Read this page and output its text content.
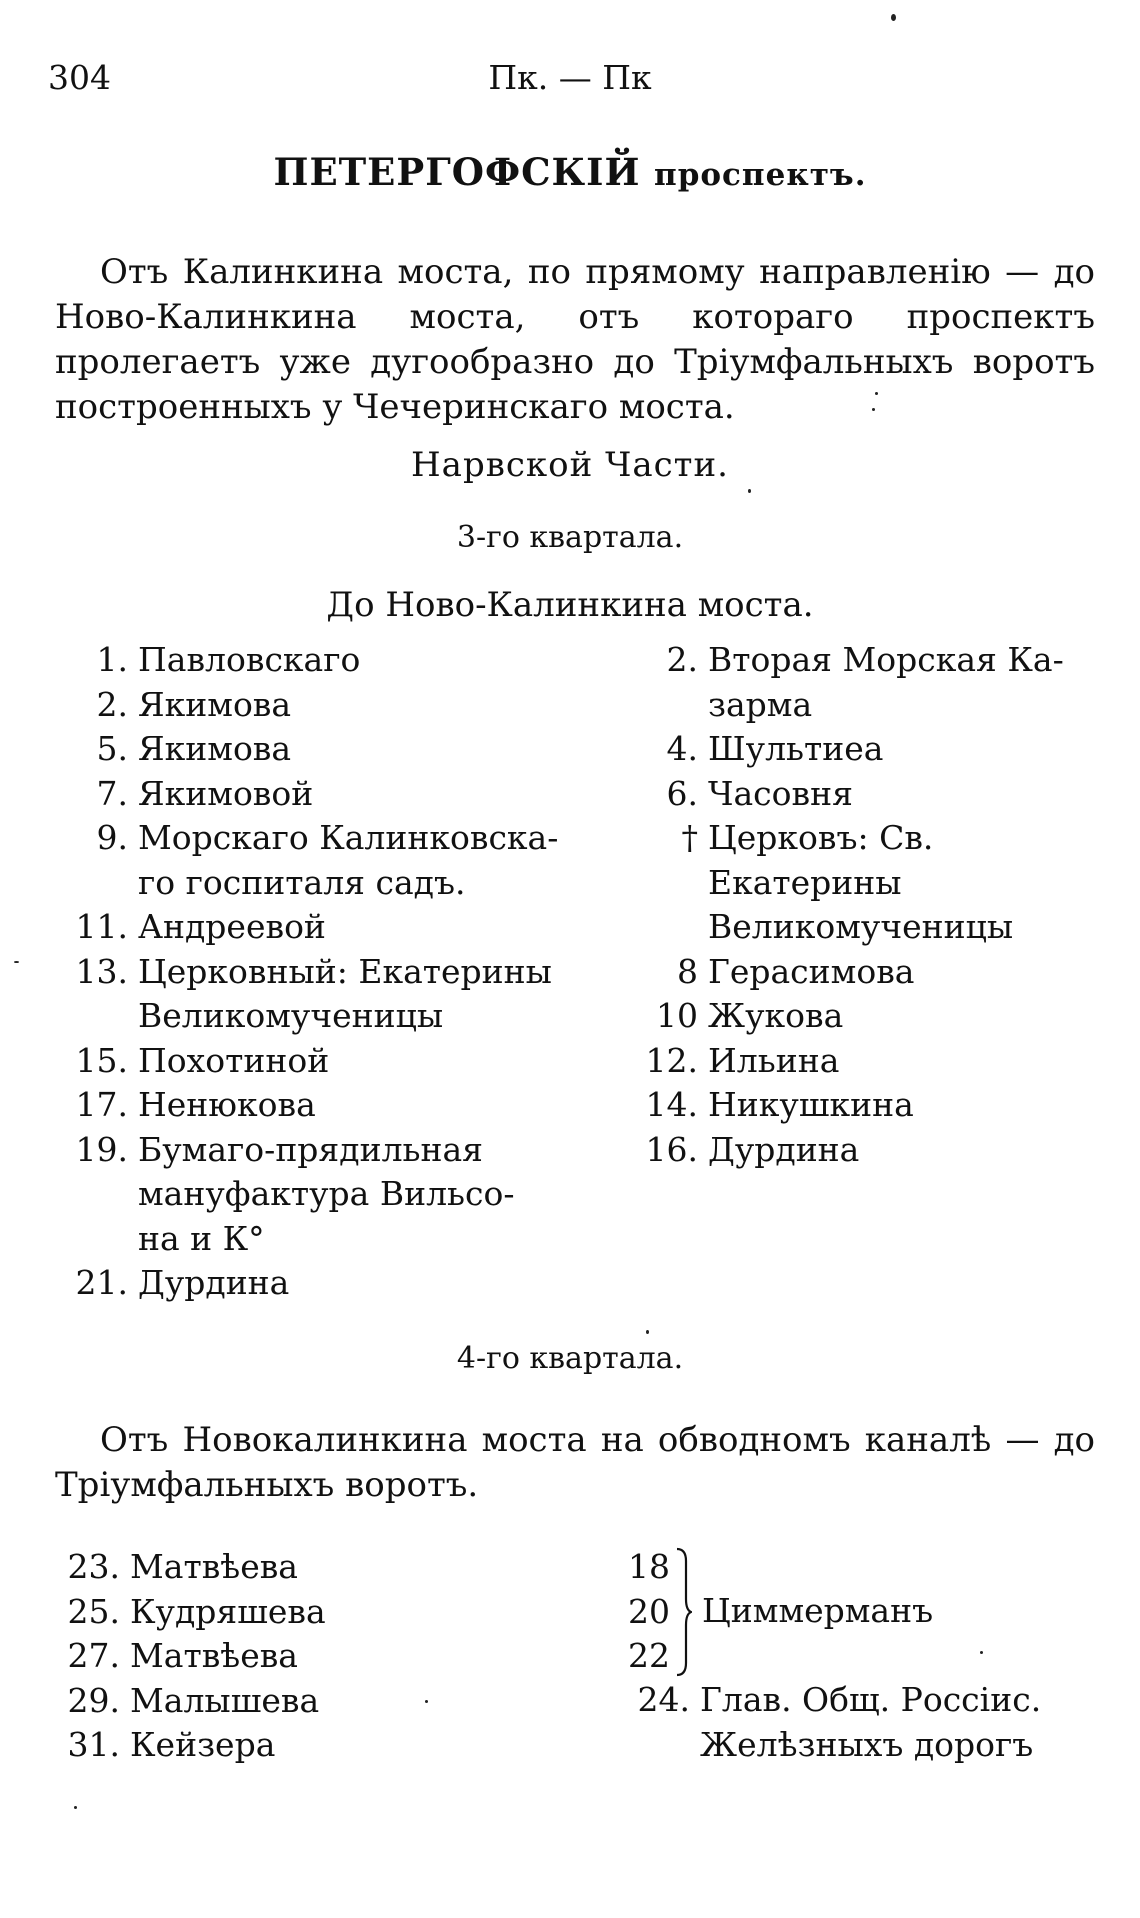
304	Пк. — Пк
ПЕТЕРГОФСКІЙ проспектъ.
Отъ Калинкина моста, по прямому направленію — до Ново-Калинкина моста, отъ котораго проспектъ пролегаетъ уже дугообразно до Тріумфальныхъ воротъ построенныхъ у Чечеринскаго моста.
Нарвской Части.
3-го квартала.
До Ново-Калинкина моста.
1. Павловскаго
2. Якимова
5. Якимова
7. Якимовой
9. Морскаго Калинковска-
го госпиталя садъ.
11. Андреевой
13. Церковный: Екатерины
Великомученицы
15. Похотиной
17. Ненюкова
19. Бумаго-прядильная
мануфактура Вильсо-
на и К°
21. Дурдина
2. Вторая Морская Ка-
зарма
4. Шультиеа
6. Часовня
† Церковъ: Св. Екатерины
Великомученицы
8 Герасимова
10 Жукова
12. Ильина
14. Никушкина
16. Дурдина
4-го квартала.
Отъ Новокалинкина моста на обводномъ каналѣ — до Тріумфальныхъ воротъ.
23. Матвѣева
25. Кудряшева
27. Матвѣева
29. Малышева
31. Кейзера
18
20
22
Циммерманъ
24. Глав. Общ. Россіис.
Желѣзныхъ дорогъ
